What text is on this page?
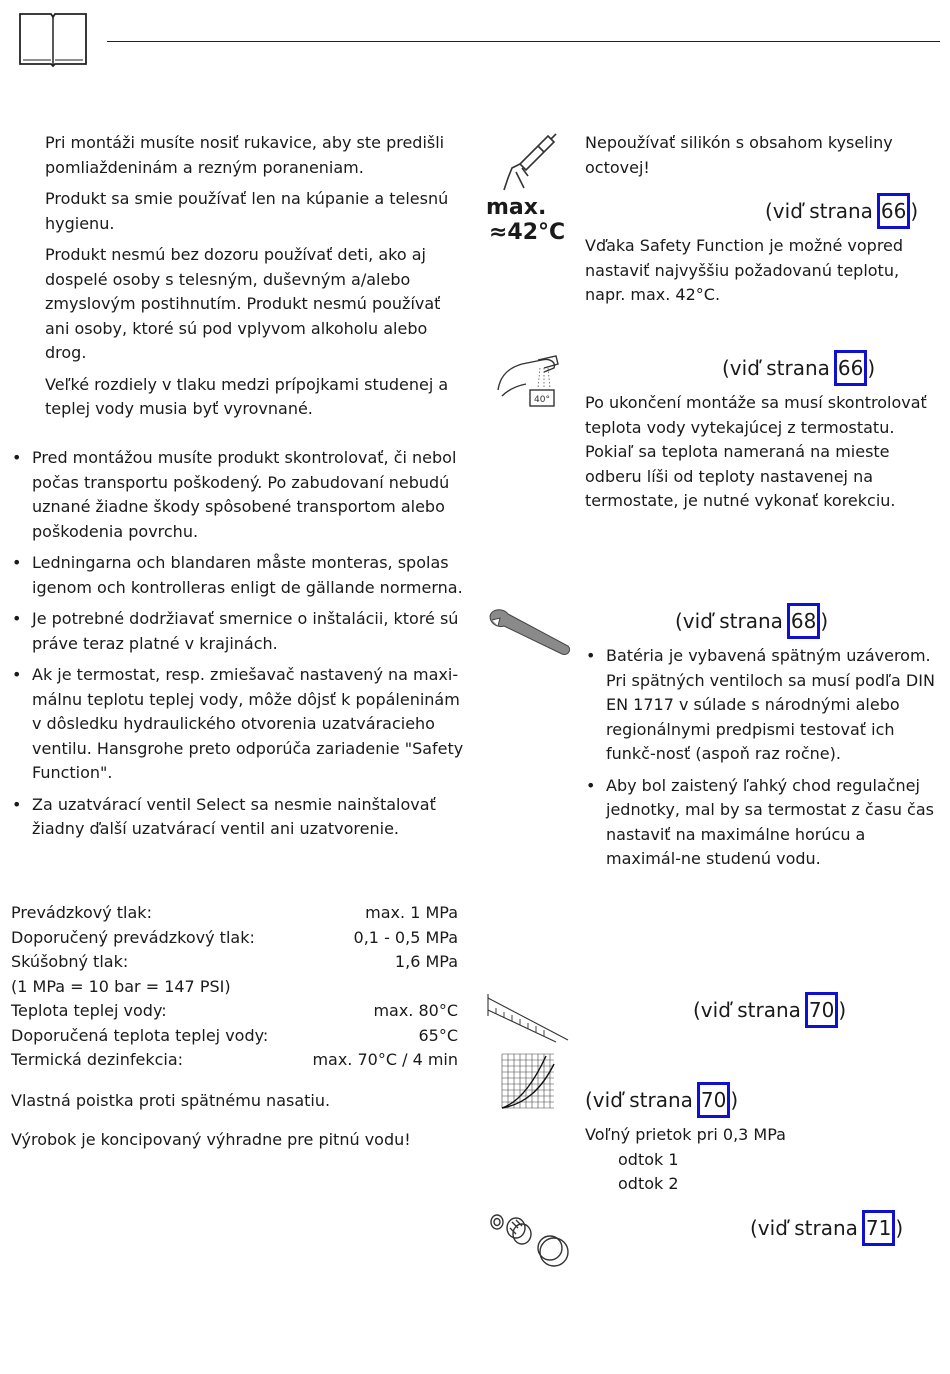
Pri montáži musíte nosiť rukavice, aby ste predišli pomliaždeninám a rezným poraneniam.

Produkt sa smie používať len na kúpanie a telesnú hygienu.

Produkt nesmú bez dozoru používať deti, ako aj dospelé osoby s telesným, duševným a/alebo zmyslovým postihnutím. Produkt nesmú používať ani osoby, ktoré sú pod vplyvom alkoholu alebo drog.

Veľké rozdiely v tlaku medzi prípojkami studenej a teplej vody musia byť vyrovnané.

• Pred montážou musíte produkt skontrolovať, či nebol počas transportu poškodený. Po zabudovaní nebudú uznané žiadne škody spôsobené transportom alebo poškodenia povrchu.
• Ledningarna och blandaren måste monteras, spolas igenom och kontrolleras enligt de gällande normerna.
• Je potrebné dodržiavať smernice o inštalácii, ktoré sú práve teraz platné v krajinách.
• Ak je termostat, resp. zmiešavač nastavený na maxi-málnu teplotu teplej vody, môže dôjsť k popáleninám v dôsledku hydraulického otvorenia uzatváracieho ventilu. Hansgrohe preto odporúča zariadenie "Safety Function".
• Za uzatvárací ventil Select sa nesmie nainštalovať žiadny ďalší uzatvárací ventil ani uzatvorenie.
Prevádzkový tlak:	max. 1 MPa
Doporučený prevádzkový tlak:	0,1 - 0,5 MPa
Skúšobný tlak:	1,6 MPa
(1 MPa = 10 bar = 147 PSI)
Teplota teplej vody:	max. 80°C
Doporučená teplota teplej vody:	65°C
Termická dezinfekcia:	max. 70°C / 4 min

Vlastná poistka proti spätnému nasatiu.

Výrobok je koncipovaný výhradne pre pitnú vodu!

Nepoužívať silikón s obsahom kyseliny octovej!

max.
≈42°C
(viď strana 66 )

Vďaka Safety Function je možné vopred nastaviť najvyššiu požadovanú teplotu, napr. max. 42°C.

40°
(viď strana 66 )

Po ukončení montáže sa musí skontrolovať teplota vody vytekajúcej z termostatu. Pokiaľ sa teplota nameraná na mieste odberu líši od teploty nastavenej na termostate, je nutné vykonať korekciu.

(viď strana 68 )
• Batéria je vybavená spätným uzáverom. Pri spätných ventiloch sa musí podľa DIN EN 1717 v súlade s národnými alebo regionálnymi predpismi testovať ich funkč-nosť (aspoň raz ročne).
• Aby bol zaistený ľahký chod regulačnej jednotky, mal by sa termostat z času čas nastaviť na maximálne horúcu a maximál-ne studenú vodu.
(viď strana 70 )
(viď strana 70 )
Voľný prietok pri 0,3 MPa
odtok 1
odtok 2
(viď strana 71 )
